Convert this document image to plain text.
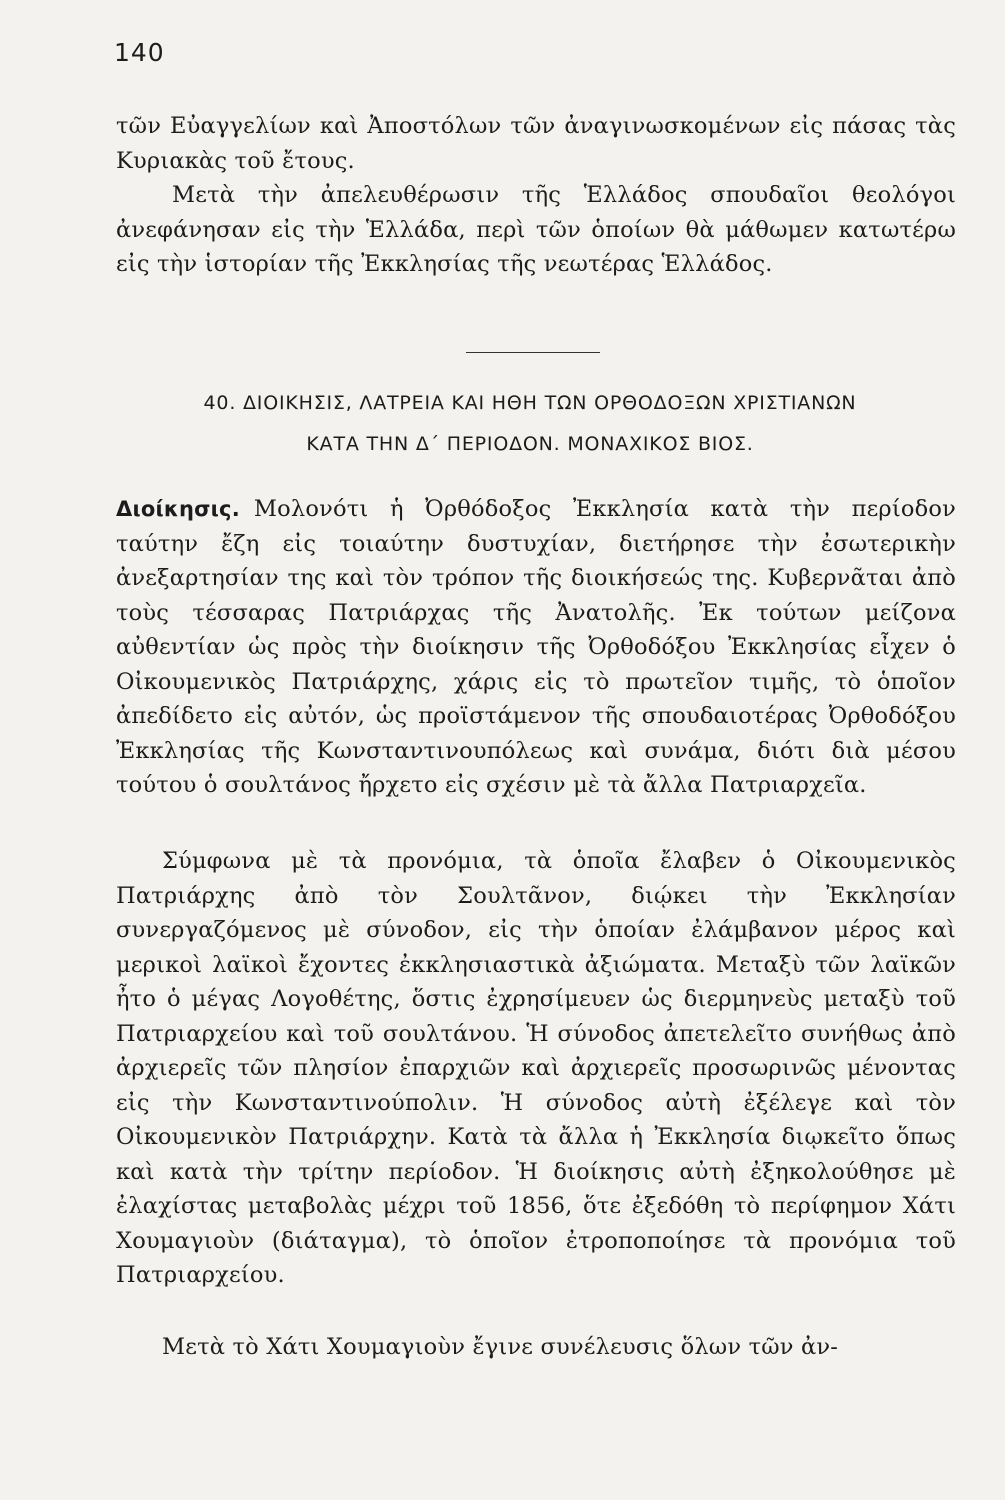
140

τῶν Εὐαγγελίων καὶ Ἀποστόλων τῶν ἀναγινωσκομένων εἰς πάσας τὰς Κυριακὰς τοῦ ἔτους.

Μετὰ τὴν ἀπελευθέρωσιν τῆς Ἑλλάδος σπουδαῖοι θεολόγοι ἀνεφάνησαν εἰς τὴν Ἑλλάδα, περὶ τῶν ὁποίων θὰ μάθωμεν κατωτέρω εἰς τὴν ἱστορίαν τῆς Ἐκκλησίας τῆς νεωτέρας Ἑλλάδος.

40. ΔΙΟΙΚΗΣΙΣ, ΛΑΤΡΕΙΑ ΚΑΙ ΗΘΗ ΤΩΝ ΟΡΘΟΔΟΞΩΝ ΧΡΙΣΤΙΑΝΩΝ
ΚΑΤΑ ΤΗΝ Δ΄ ΠΕΡΙΟΔΟΝ. ΜΟΝΑΧΙΚΟΣ ΒΙΟΣ.

Διοίκησις. Μολονότι ἡ Ὀρθόδοξος Ἐκκλησία κατὰ τὴν περίοδον ταύτην ἔζη εἰς τοιαύτην δυστυχίαν, διετήρησε τὴν ἐσωτερικὴν ἀνεξαρτησίαν της καὶ τὸν τρόπον τῆς διοικήσεώς της. Κυβερνᾶται ἀπὸ τοὺς τέσσαρας Πατριάρχας τῆς Ἀνατολῆς. Ἐκ τούτων μείζονα αὐθεντίαν ὡς πρὸς τὴν διοίκησιν τῆς Ὀρθοδόξου Ἐκκλησίας εἶχεν ὁ Οἰκουμενικὸς Πατριάρχης, χάρις εἰς τὸ πρωτεῖον τιμῆς, τὸ ὁποῖον ἀπεδίδετο εἰς αὐτόν, ὡς προϊστάμενον τῆς σπουδαιοτέρας Ὀρθοδόξου Ἐκκλησίας τῆς Κωνσταντινουπόλεως καὶ συνάμα, διότι διὰ μέσου τούτου ὁ σουλτάνος ἤρχετο εἰς σχέσιν μὲ τὰ ἄλλα Πατριαρχεῖα.

Σύμφωνα μὲ τὰ προνόμια, τὰ ὁποῖα ἔλαβεν ὁ Οἰκουμενικὸς Πατριάρχης ἀπὸ τὸν Σουλτᾶνον, διῴκει τὴν Ἐκκλησίαν συνεργαζόμενος μὲ σύνοδον, εἰς τὴν ὁποίαν ἐλάμβανον μέρος καὶ μερικοὶ λαϊκοὶ ἔχοντες ἐκκλησιαστικὰ ἀξιώματα. Μεταξὺ τῶν λαϊκῶν ἦτο ὁ μέγας Λογοθέτης, ὅστις ἐχρησίμευεν ὡς διερμηνεὺς μεταξὺ τοῦ Πατριαρχείου καὶ τοῦ σουλτάνου. Ἡ σύνοδος ἀπετελεῖτο συνήθως ἀπὸ ἀρχιερεῖς τῶν πλησίον ἐπαρχιῶν καὶ ἀρχιερεῖς προσωρινῶς μένοντας εἰς τὴν Κωνσταντινούπολιν. Ἡ σύνοδος αὐτὴ ἐξέλεγε καὶ τὸν Οἰκουμενικὸν Πατριάρχην. Κατὰ τὰ ἄλλα ἡ Ἐκκλησία διῳκεῖτο ὅπως καὶ κατὰ τὴν τρίτην περίοδον. Ἡ διοίκησις αὐτὴ ἐξηκολούθησε μὲ ἐλαχίστας μεταβολὰς μέχρι τοῦ 1856, ὅτε ἐξεδόθη τὸ περίφημον Χάτι Χουμαγιοὺν (διάταγμα), τὸ ὁποῖον ἐτροποποίησε τὰ προνόμια τοῦ Πατριαρχείου.

Μετὰ τὸ Χάτι Χουμαγιοὺν ἔγινε συνέλευσις ὅλων τῶν ἀν-
